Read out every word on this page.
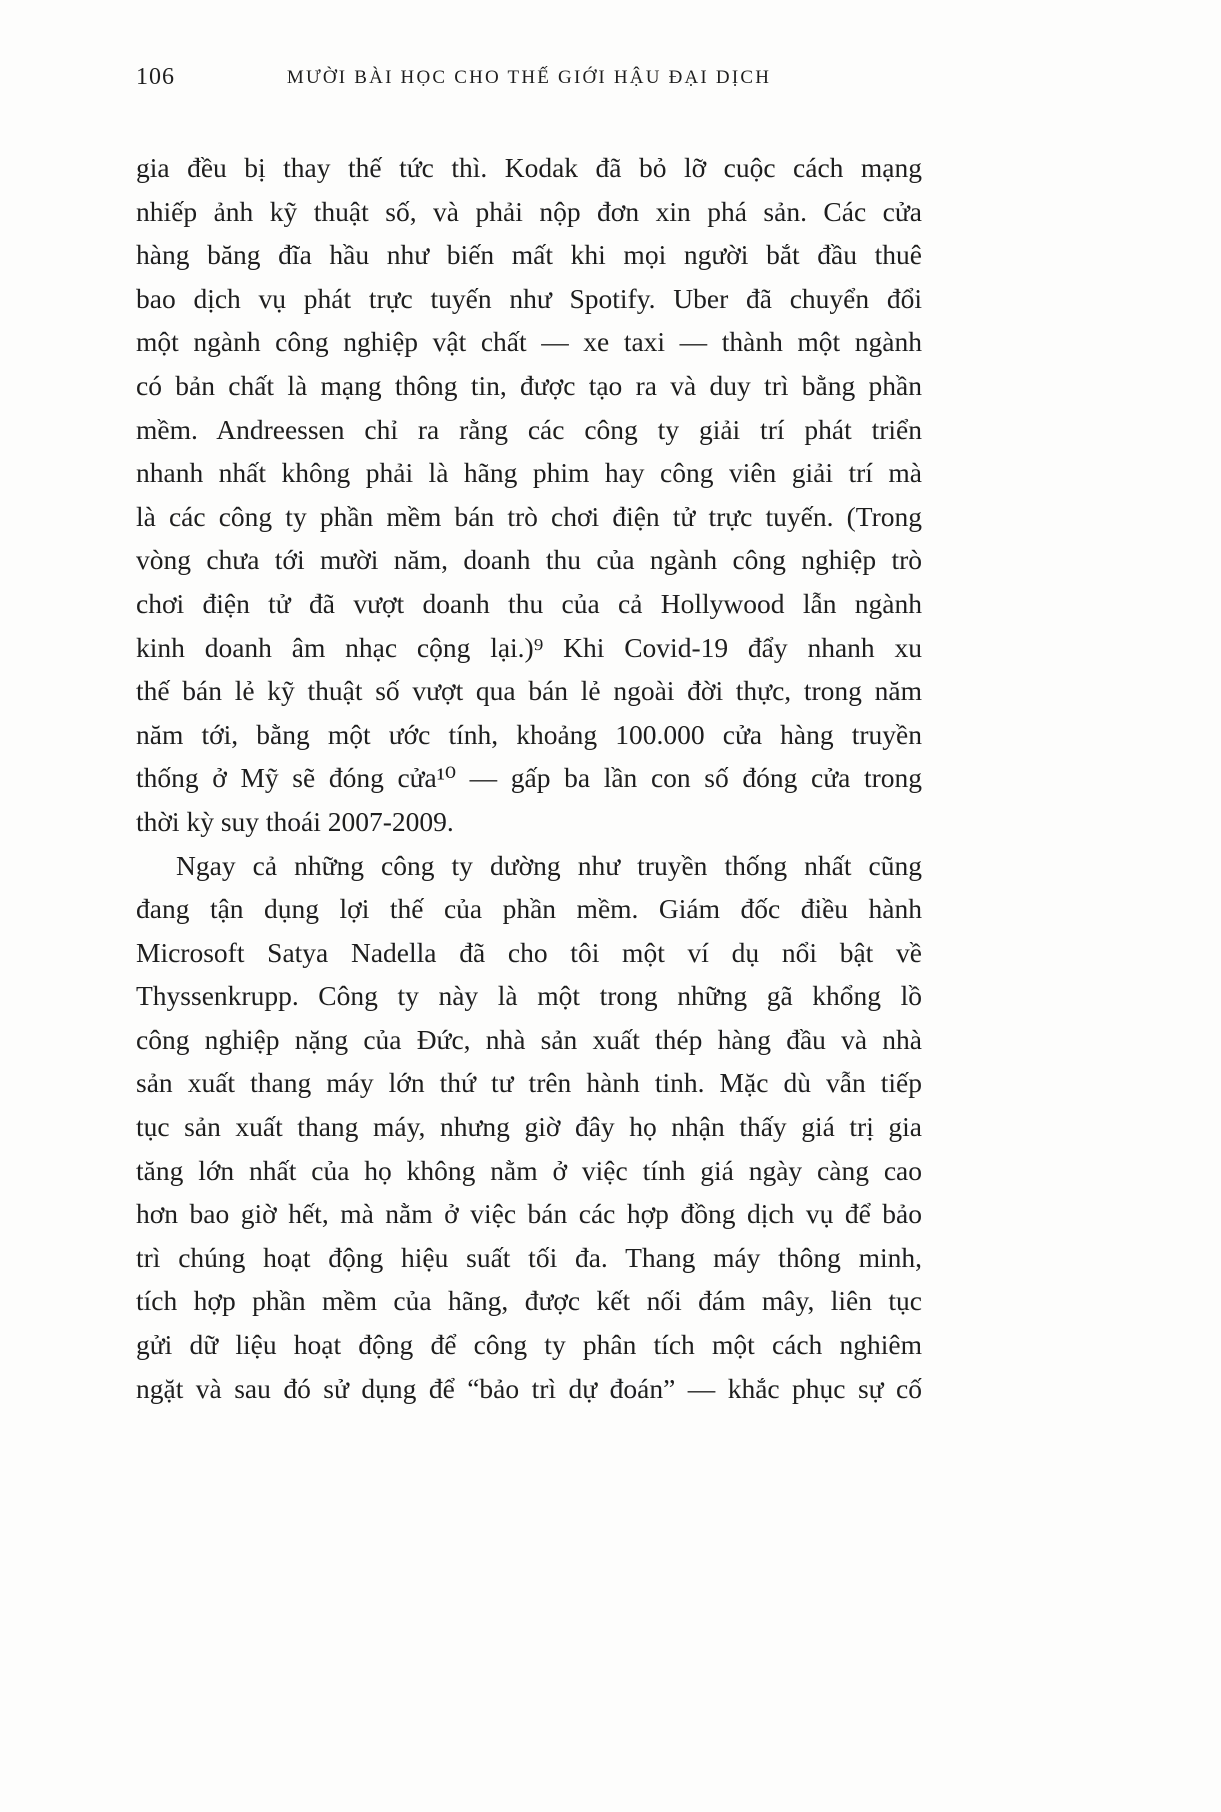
106	MƯỜI BÀI HỌC CHO THẾ GIỚI HẬU ĐẠI DỊCH
gia đều bị thay thế tức thì. Kodak đã bỏ lỡ cuộc cách mạng
nhiếp ảnh kỹ thuật số, và phải nộp đơn xin phá sản. Các cửa
hàng băng đĩa hầu như biến mất khi mọi người bắt đầu thuê
bao dịch vụ phát trực tuyến như Spotify. Uber đã chuyển đổi
một ngành công nghiệp vật chất — xe taxi — thành một ngành
có bản chất là mạng thông tin, được tạo ra và duy trì bằng phần
mềm. Andreessen chỉ ra rằng các công ty giải trí phát triển
nhanh nhất không phải là hãng phim hay công viên giải trí mà
là các công ty phần mềm bán trò chơi điện tử trực tuyến. (Trong
vòng chưa tới mười năm, doanh thu của ngành công nghiệp trò
chơi điện tử đã vượt doanh thu của cả Hollywood lẫn ngành
kinh doanh âm nhạc cộng lại.)⁹ Khi Covid-19 đẩy nhanh xu
thế bán lẻ kỹ thuật số vượt qua bán lẻ ngoài đời thực, trong năm
năm tới, bằng một ước tính, khoảng 100.000 cửa hàng truyền
thống ở Mỹ sẽ đóng cửa¹⁰ — gấp ba lần con số đóng cửa trong
thời kỳ suy thoái 2007-2009.
Ngay cả những công ty dường như truyền thống nhất cũng
đang tận dụng lợi thế của phần mềm. Giám đốc điều hành
Microsoft Satya Nadella đã cho tôi một ví dụ nổi bật về
Thyssenkrupp. Công ty này là một trong những gã khổng lồ
công nghiệp nặng của Đức, nhà sản xuất thép hàng đầu và nhà
sản xuất thang máy lớn thứ tư trên hành tinh. Mặc dù vẫn tiếp
tục sản xuất thang máy, nhưng giờ đây họ nhận thấy giá trị gia
tăng lớn nhất của họ không nằm ở việc tính giá ngày càng cao
hơn bao giờ hết, mà nằm ở việc bán các hợp đồng dịch vụ để bảo
trì chúng hoạt động hiệu suất tối đa. Thang máy thông minh,
tích hợp phần mềm của hãng, được kết nối đám mây, liên tục
gửi dữ liệu hoạt động để công ty phân tích một cách nghiêm
ngặt và sau đó sử dụng để “bảo trì dự đoán” — khắc phục sự cố
